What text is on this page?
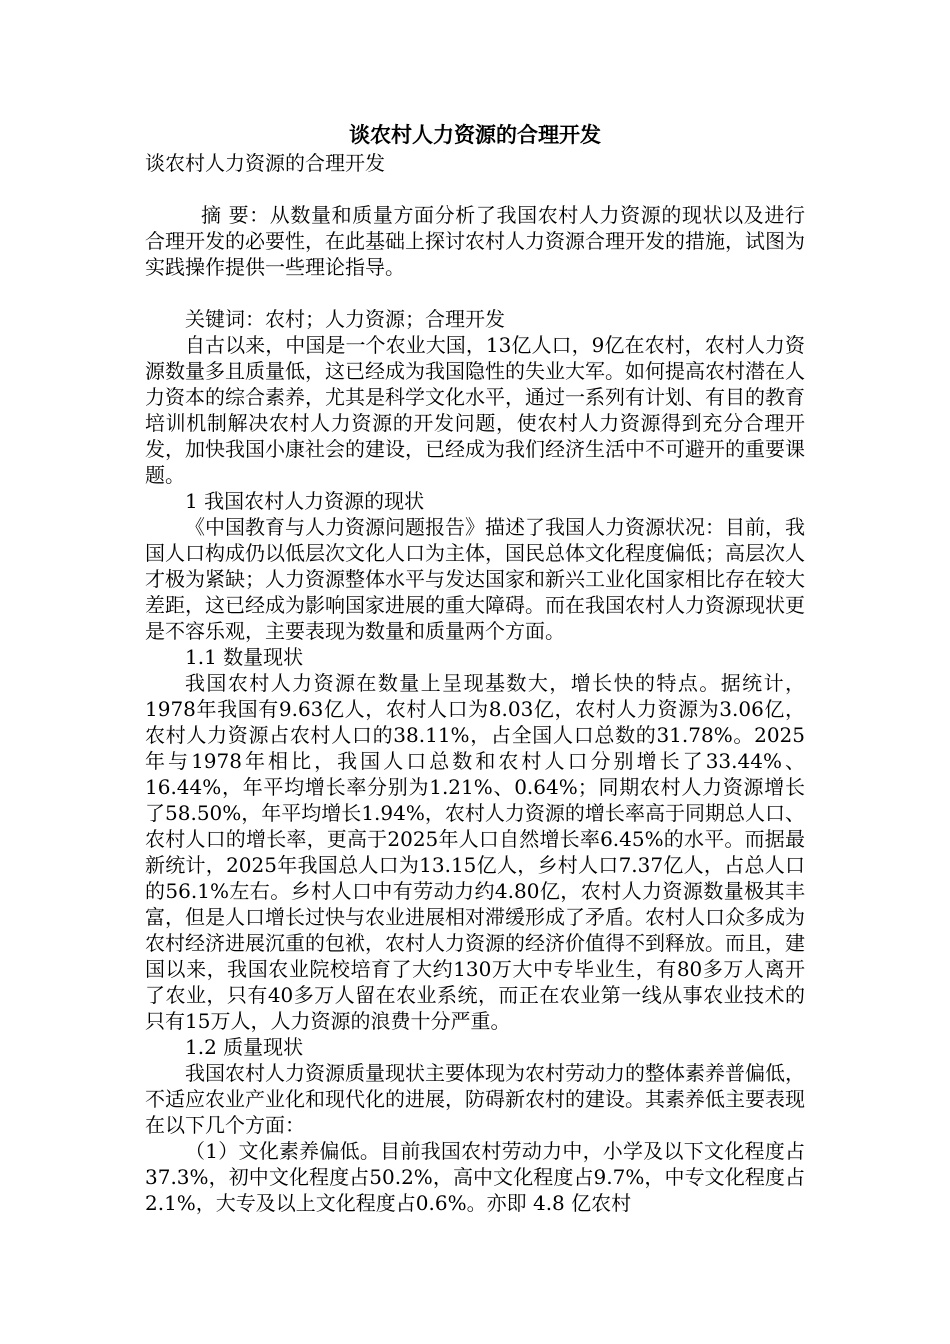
谈农村人力资源的合理开发

谈农村人力资源的合理开发

摘 要：从数量和质量方面分析了我国农村人力资源的现状以及进行合理开发的必要性，在此基础上探讨农村人力资源合理开发的措施，试图为实践操作提供一些理论指导。

关键词：农村；人力资源；合理开发

自古以来，中国是一个农业大国，13亿人口，9亿在农村，农村人力资源数量多且质量低，这已经成为我国隐性的失业大军。如何提高农村潜在人力资本的综合素养，尤其是科学文化水平，通过一系列有计划、有目的教育培训机制解决农村人力资源的开发问题，使农村人力资源得到充分合理开发，加快我国小康社会的建设，已经成为我们经济生活中不可避开的重要课题。

1 我国农村人力资源的现状

《中国教育与人力资源问题报告》描述了我国人力资源状况：目前，我国人口构成仍以低层次文化人口为主体，国民总体文化程度偏低；高层次人才极为紧缺；人力资源整体水平与发达国家和新兴工业化国家相比存在较大差距，这已经成为影响国家进展的重大障碍。而在我国农村人力资源现状更是不容乐观，主要表现为数量和质量两个方面。

1.1 数量现状

我国农村人力资源在数量上呈现基数大，增长快的特点。据统计，1978年我国有9.63亿人，农村人口为8.03亿，农村人力资源为3.06亿，农村人力资源占农村人口的38.11%，占全国人口总数的31.78%。2025年与1978年相比，我国人口总数和农村人口分别增长了33.44%、16.44%，年平均增长率分别为1.21%、0.64%；同期农村人力资源增长了58.50%，年平均增长1.94%，农村人力资源的增长率高于同期总人口、农村人口的增长率，更高于2025年人口自然增长率6.45%的水平。而据最新统计，2025年我国总人口为13.15亿人，乡村人口7.37亿人，占总人口的56.1%左右。乡村人口中有劳动力约4.80亿，农村人力资源数量极其丰富，但是人口增长过快与农业进展相对滞缓形成了矛盾。农村人口众多成为农村经济进展沉重的包袱，农村人力资源的经济价值得不到释放。而且，建国以来，我国农业院校培育了大约130万大中专毕业生，有80多万人离开了农业，只有40多万人留在农业系统，而正在农业第一线从事农业技术的只有15万人，人力资源的浪费十分严重。

1.2 质量现状

我国农村人力资源质量现状主要体现为农村劳动力的整体素养普偏低，不适应农业产业化和现代化的进展，防碍新农村的建设。其素养低主要表现在以下几个方面：

（1）文化素养偏低。目前我国农村劳动力中，小学及以下文化程度占37.3%，初中文化程度占50.2%，高中文化程度占9.7%，中专文化程度占2.1%，大专及以上文化程度占0.6%。亦即 4.8 亿农村
